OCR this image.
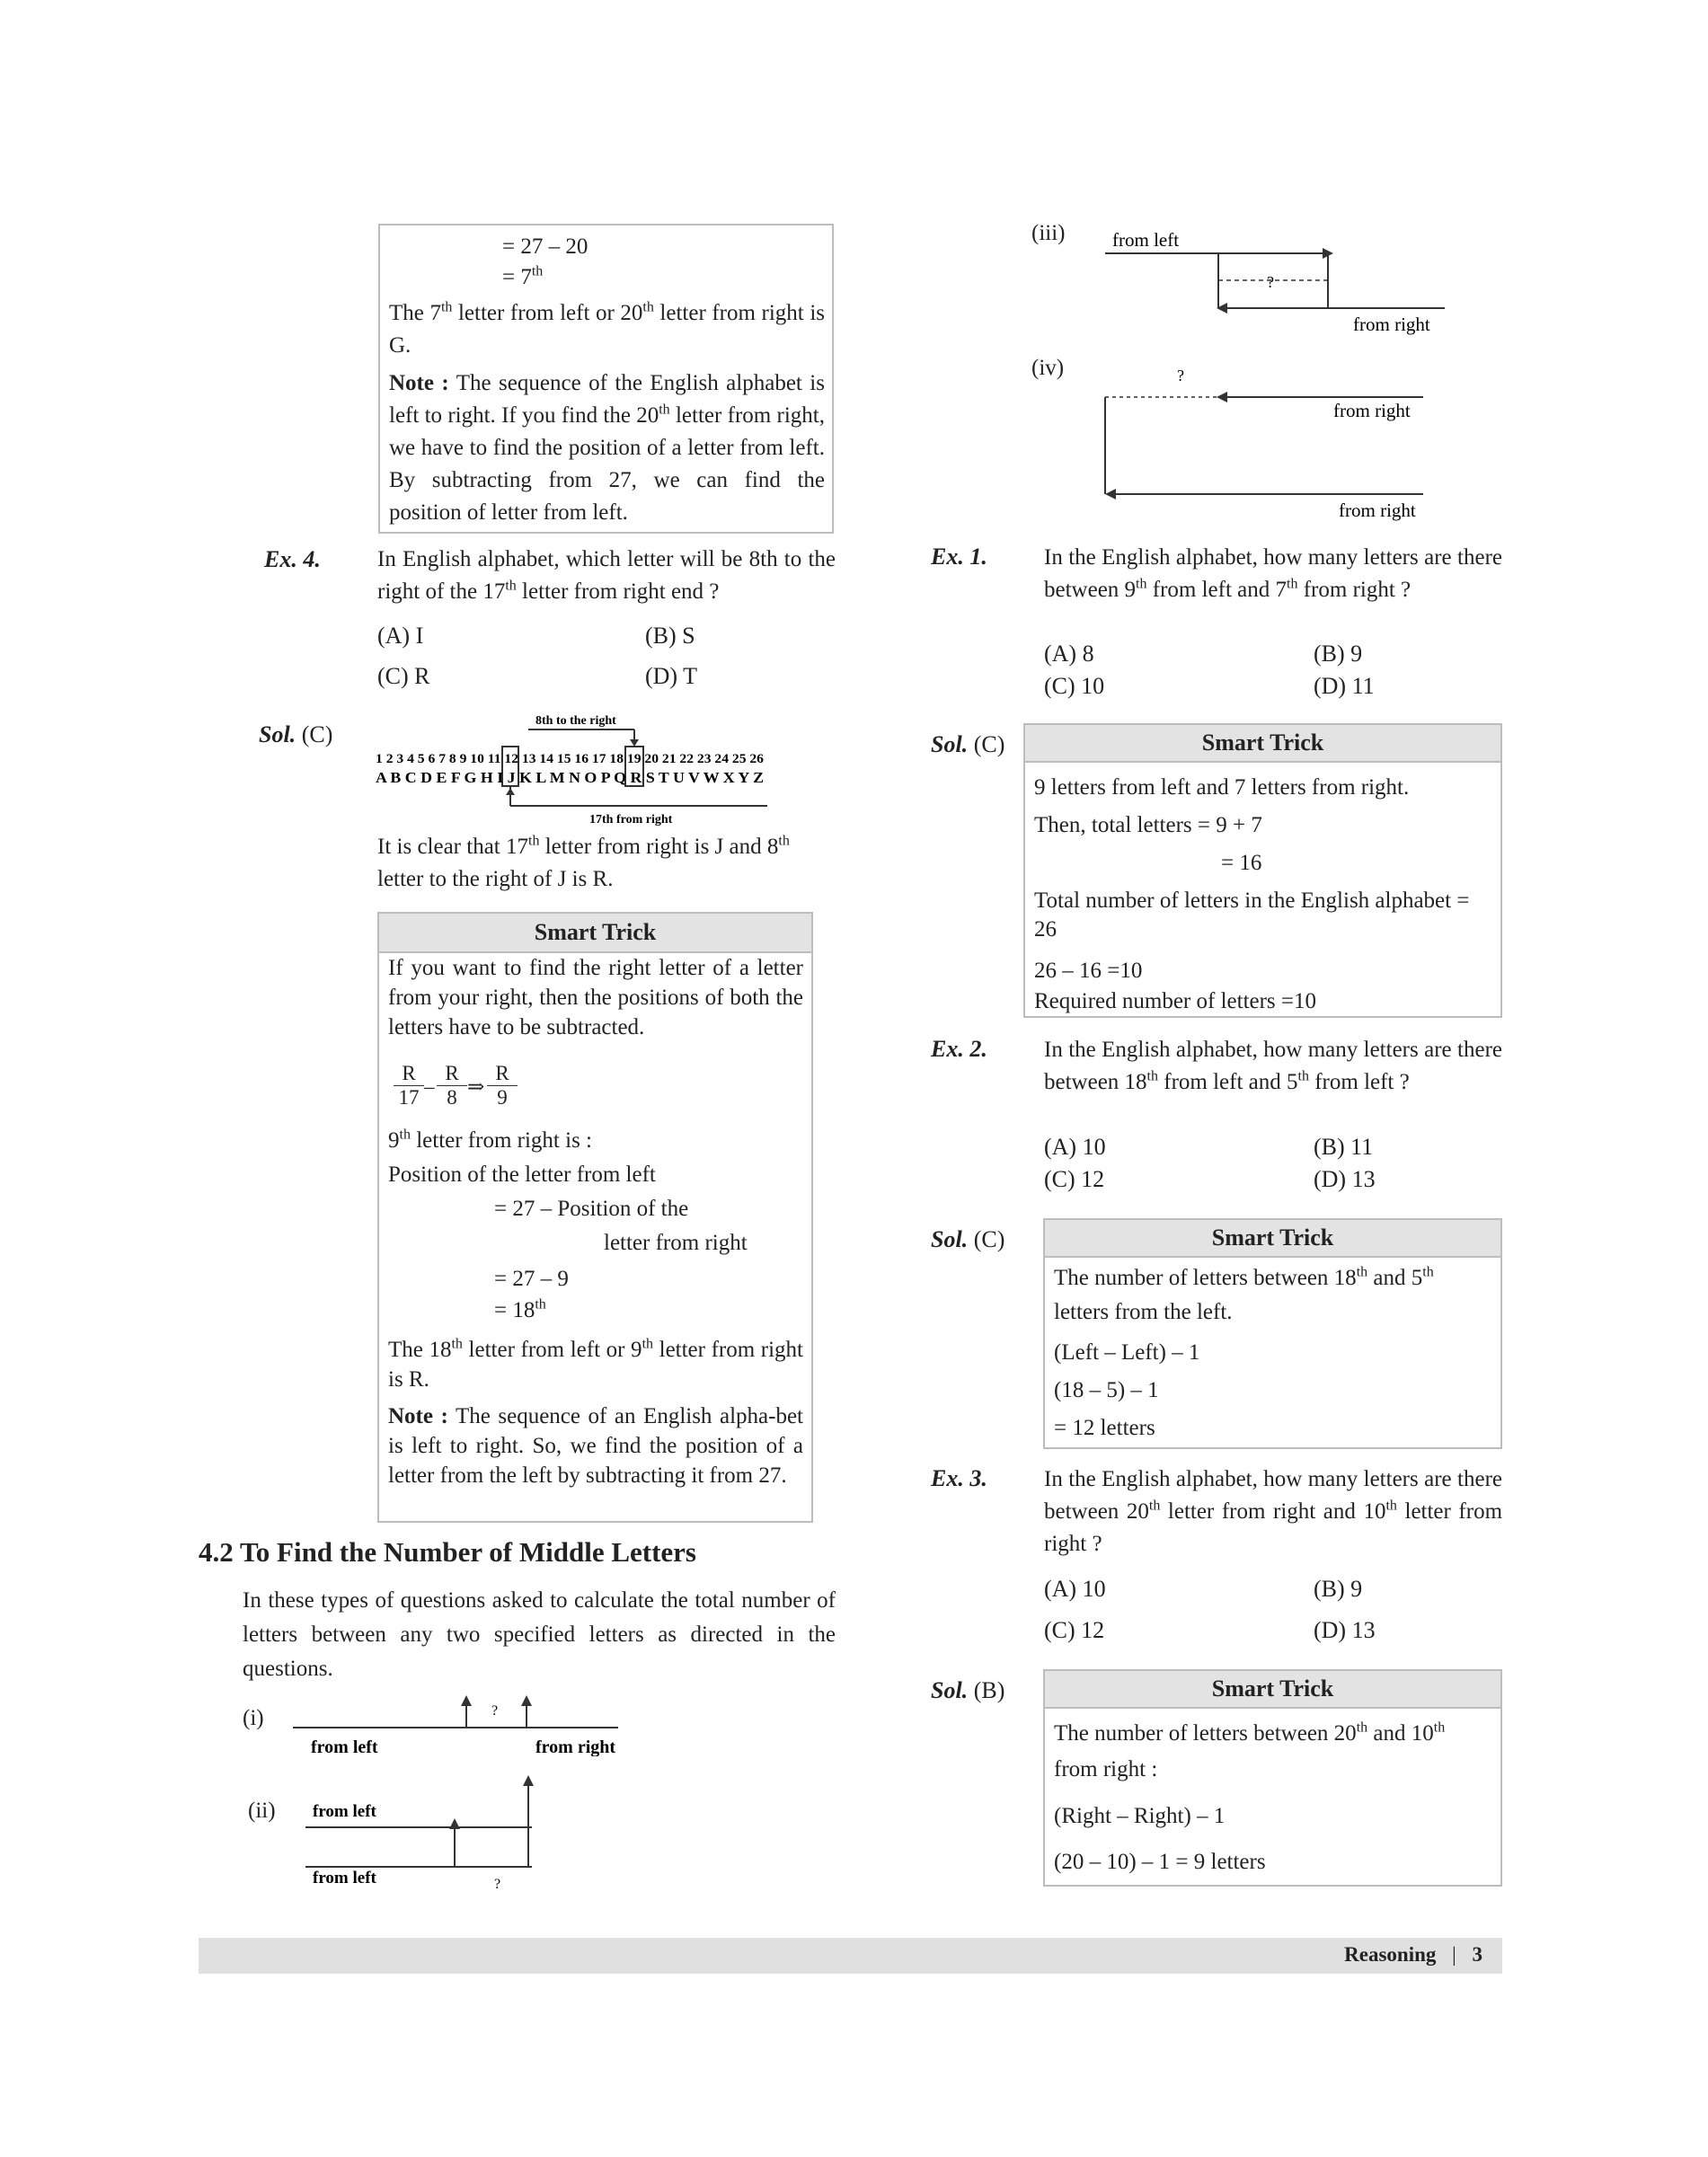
= 27 – 20
= 7th
The 7th letter from left or 20th letter from right is G.
Note : The sequence of the English alphabet is left to right. If you find the 20th letter from right, we have to find the position of a letter from left. By subtracting from 27, we can find the position of letter from left.
Ex. 4.	In English alphabet, which letter will be 8th to the right of the 17th letter from right end ?
(A) I	(B) S
(C) R	(D) T
Sol. (C)
8th to the right
1 2 3 4 5 6 7 8 9 10 11 12 13 14 15 16 17 18 19 20 21 22 23 24 25 26
A B C D E F G H I J K L M N O P Q R S T U V W X Y Z
17th from right
It is clear that 17th letter from right is J and 8th letter to the right of J is R.
Smart Trick
If you want to find the right letter of a letter from your right, then the positions of both the letters have to be subtracted.
R
17 –
R
8 ⇒
R
9
9th letter from right is :
Position of the letter from left
= 27 – Position of the
letter from right
= 27 – 9
= 18th
The 18th letter from left or 9th letter from right is R.
Note : The sequence of an English alpha-bet is left to right. So, we find the position of a letter from the left by subtracting it from 27.
4.2 To Find the Number of Middle Letters
In these types of questions asked to calculate the total number of letters between any two specified letters as directed in the questions.
(i)	?
from left	from right
(ii) from left
from left	?
(iii)	from left
?
from right
(iv)	?
from right
from right
Ex. 1.	In the English alphabet, how many letters are there between 9th from left and 7th from right ?
(A) 8	(B) 9
(C) 10	(D) 11
Sol. (C)	Smart Trick
9 letters from left and 7 letters from right.
Then, total letters = 9 + 7
= 16
Total number of letters in the English alphabet = 26
26 – 16 =10
Required number of letters =10
Ex. 2.	In the English alphabet, how many letters are there between 18th from left and 5th from left ?
(A) 10	(B) 11
(C) 12	(D) 13
Sol. (C)	Smart Trick
The number of letters between 18th and 5th letters from the left.
(Left – Left) – 1
(18 – 5) – 1
= 12 letters
Ex. 3.	In the English alphabet, how many letters are there between 20th letter from right and 10th letter from right ?
(A) 10	(B) 9
(C) 12	(D) 13
Sol. (B)	Smart Trick
The number of letters between 20th and 10th from right :
(Right – Right) – 1
(20 – 10) – 1 = 9 letters
Reasoning | 3
